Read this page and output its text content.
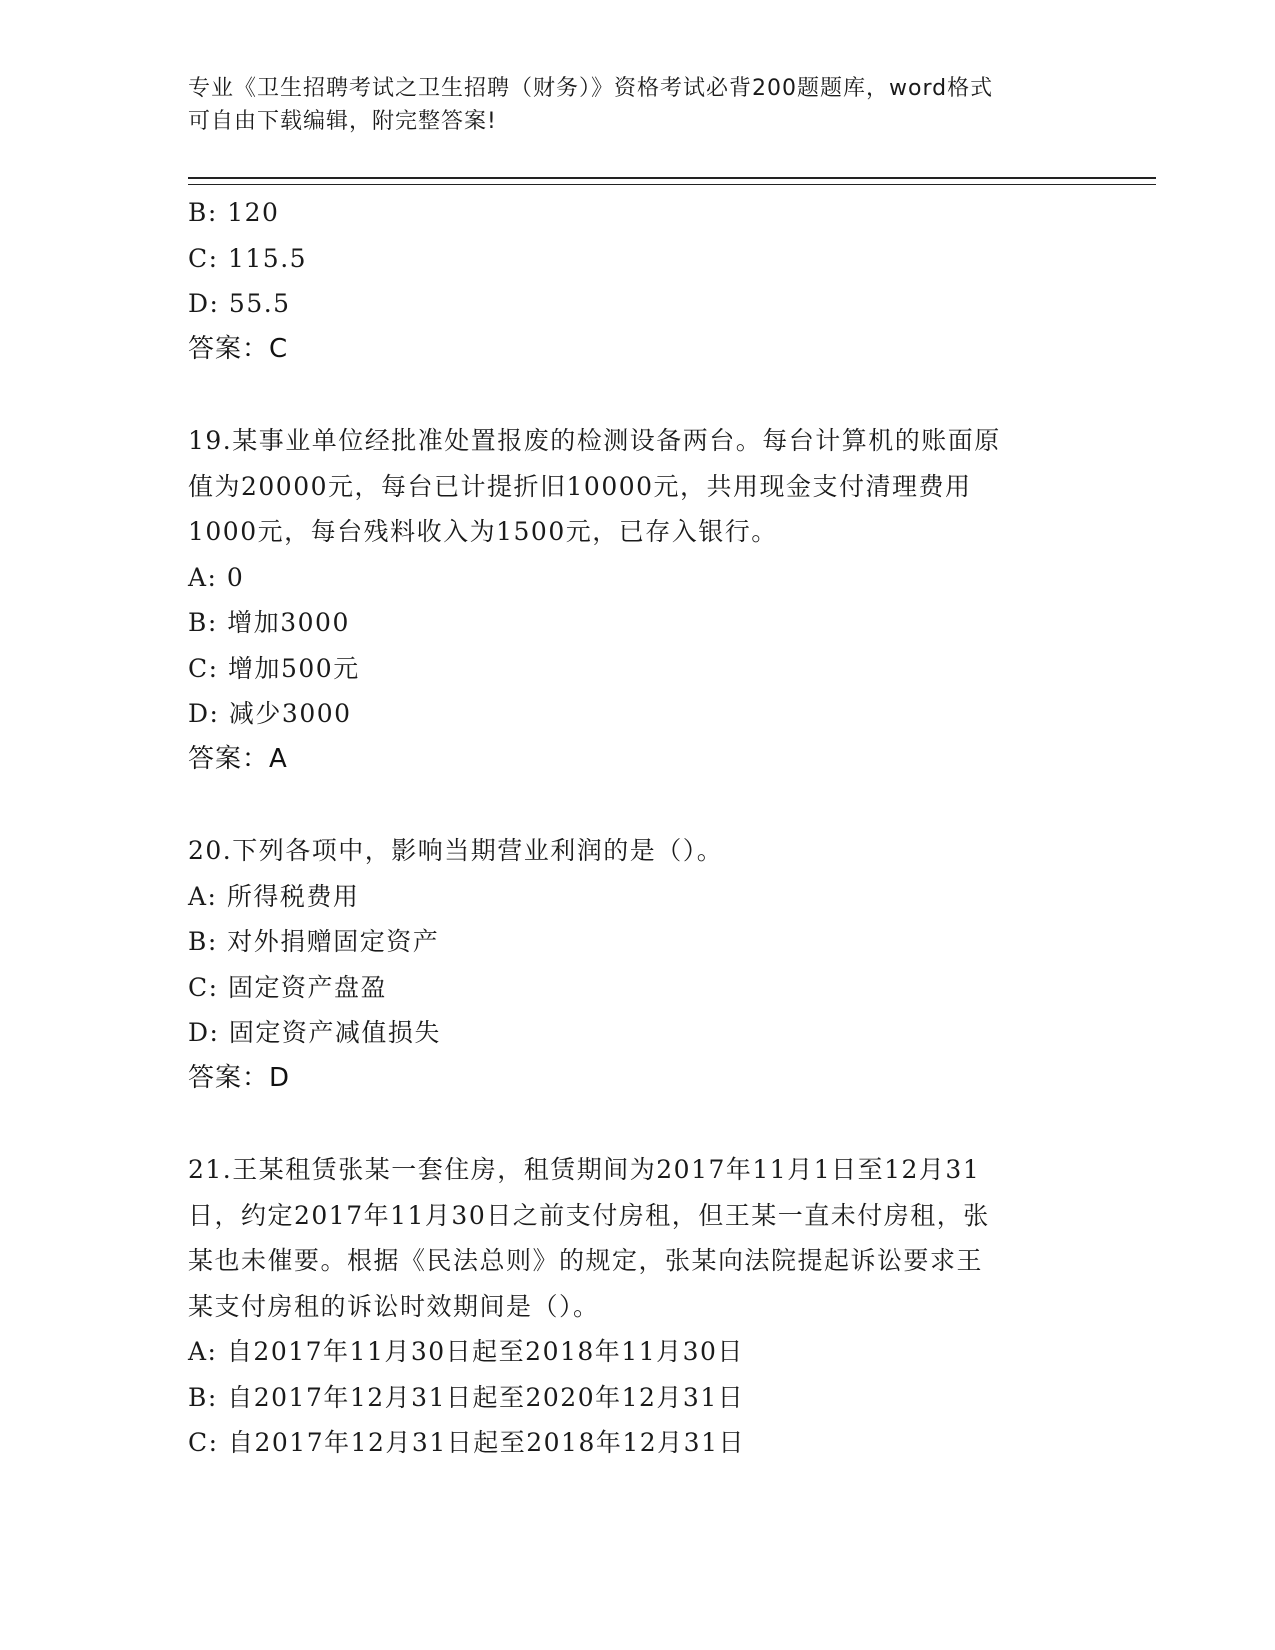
专业《卫生招聘考试之卫生招聘（财务）》资格考试必背200题题库，word格式
可自由下载编辑，附完整答案!
B: 120
C: 115.5
D: 55.5
答案：C
19.某事业单位经批准处置报废的检测设备两台。每台计算机的账面原
值为20000元，每台已计提折旧10000元，共用现金支付清理费用
1000元，每台残料收入为1500元，已存入银行。
A: 0
B: 增加3000
C: 增加500元
D: 减少3000
答案：A
20.下列各项中，影响当期营业利润的是（）。
A: 所得税费用
B: 对外捐赠固定资产
C: 固定资产盘盈
D: 固定资产减值损失
答案：D
21.王某租赁张某一套住房，租赁期间为2017年11月1日至12月31
日，约定2017年11月30日之前支付房租，但王某一直未付房租，张
某也未催要。根据《民法总则》的规定，张某向法院提起诉讼要求王
某支付房租的诉讼时效期间是（）。
A: 自2017年11月30日起至2018年11月30日
B: 自2017年12月31日起至2020年12月31日
C: 自2017年12月31日起至2018年12月31日
